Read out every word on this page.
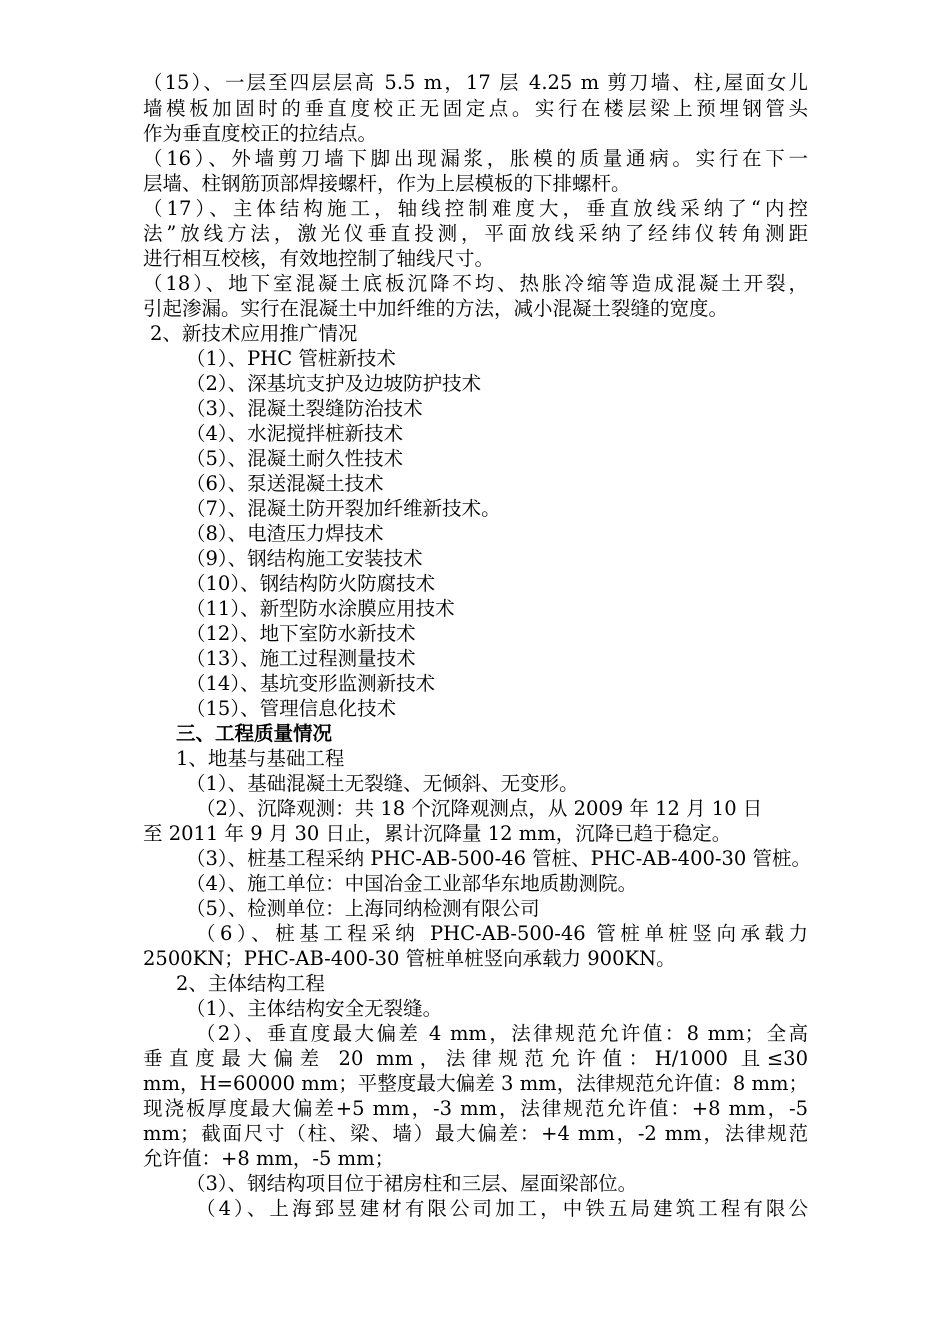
（15）、一层至四层层高 5.5 m，17 层 4.25 m 剪刀墙、柱,屋面女儿
墙模板加固时的垂直度校正无固定点。实行在楼层梁上预埋钢管头
作为垂直度校正的拉结点。
（16）、外墙剪刀墙下脚出现漏浆，胀模的质量通病。实行在下一
层墙、柱钢筋顶部焊接螺杆，作为上层模板的下排螺杆。
（17）、主体结构施工，轴线控制难度大，垂直放线采纳了“内控
法”放线方法，激光仪垂直投测，平面放线采纳了经纬仪转角测距
进行相互校核，有效地控制了轴线尺寸。
（18）、地下室混凝土底板沉降不均、热胀冷缩等造成混凝土开裂，
引起渗漏。实行在混凝土中加纤维的方法，减小混凝土裂缝的宽度。
2、新技术应用推广情况
（1）、PHC 管桩新技术
（2）、深基坑支护及边坡防护技术
（3）、混凝土裂缝防治技术
（4）、水泥搅拌桩新技术
（5）、混凝土耐久性技术
（6）、泵送混凝土技术
（7）、混凝土防开裂加纤维新技术。
（8）、电渣压力焊技术
（9）、钢结构施工安装技术
（10）、钢结构防火防腐技术
（11）、新型防水涂膜应用技术
（12）、地下室防水新技术
（13）、施工过程测量技术
（14）、基坑变形监测新技术
（15）、管理信息化技术
三、工程质量情况
1、地基与基础工程
（1）、基础混凝土无裂缝、无倾斜、无变形。
（2）、沉降观测：共 18 个沉降观测点，从 2009 年 12 月 10 日
至 2011 年 9 月 30 日止，累计沉降量 12 mm，沉降已趋于稳定。
（3）、桩基工程采纳 PHC-AB-500-46 管桩、PHC-AB-400-30 管桩。
（4）、施工单位：中国冶金工业部华东地质勘测院。
（5）、检测单位：上海同纳检测有限公司
（6）、桩基工程采纳 PHC-AB-500-46 管桩单桩竖向承载力
2500KN；PHC-AB-400-30 管桩单桩竖向承载力 900KN。
2、主体结构工程
（1）、主体结构安全无裂缝。
（2）、垂直度最大偏差 4 mm，法律规范允许值：8 mm；全高
垂直度最大偏差 20 mm，法律规范允许值：H/1000 且≤30
mm，H=60000 mm；平整度最大偏差 3 mm，法律规范允许值：8 mm；
现浇板厚度最大偏差+5 mm，-3 mm，法律规范允许值：+8 mm，-5
mm；截面尺寸（柱、梁、墙）最大偏差：+4 mm，-2 mm，法律规范
允许值：+8 mm，-5 mm；
（3）、钢结构项目位于裙房柱和三层、屋面梁部位。
（4）、上海郅昱建材有限公司加工，中铁五局建筑工程有限公
